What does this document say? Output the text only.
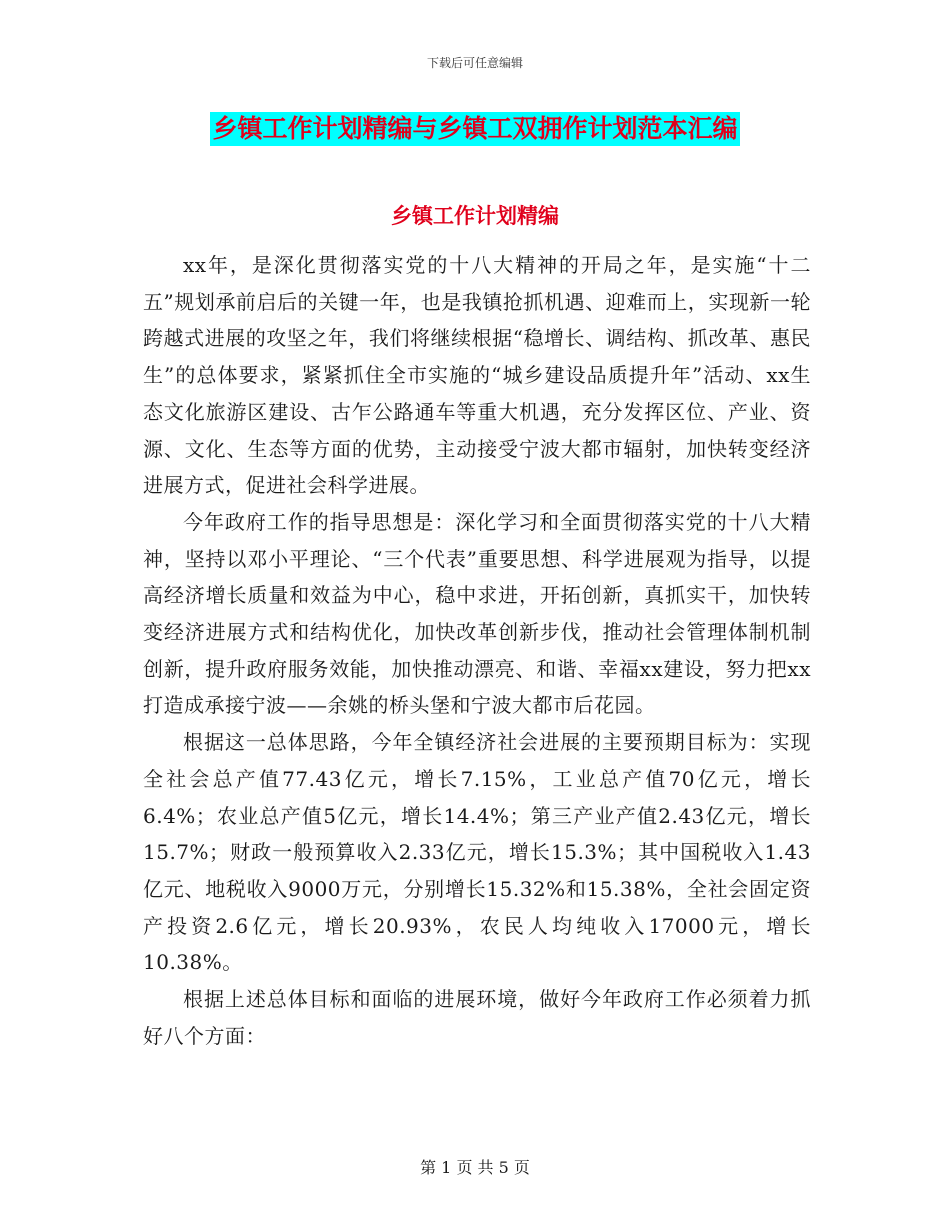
下载后可任意编辑
乡镇工作计划精编与乡镇工双拥作计划范本汇编
乡镇工作计划精编

xx年，是深化贯彻落实党的十八大精神的开局之年，是实施“十二五”规划承前启后的关键一年，也是我镇抢抓机遇、迎难而上，实现新一轮跨越式进展的攻坚之年，我们将继续根据“稳增长、调结构、抓改革、惠民生”的总体要求，紧紧抓住全市实施的“城乡建设品质提升年”活动、xx生态文化旅游区建设、古乍公路通车等重大机遇，充分发挥区位、产业、资源、文化、生态等方面的优势，主动接受宁波大都市辐射，加快转变经济进展方式，促进社会科学进展。

今年政府工作的指导思想是：深化学习和全面贯彻落实党的十八大精神，坚持以邓小平理论、“三个代表”重要思想、科学进展观为指导，以提高经济增长质量和效益为中心，稳中求进，开拓创新，真抓实干，加快转变经济进展方式和结构优化，加快改革创新步伐，推动社会管理体制机制创新，提升政府服务效能，加快推动漂亮、和谐、幸福xx建设，努力把xx打造成承接宁波——余姚的桥头堡和宁波大都市后花园。

根据这一总体思路，今年全镇经济社会进展的主要预期目标为：实现全社会总产值77.43亿元，增长7.15%，工业总产值70亿元，增长6.4%；农业总产值5亿元，增长14.4%；第三产业产值2.43亿元，增长15.7%；财政一般预算收入2.33亿元，增长15.3%；其中国税收入1.43亿元、地税收入9000万元，分别增长15.32%和15.38%，全社会固定资产投资2.6亿元，增长20.93%，农民人均纯收入17000元，增长10.38%。

根据上述总体目标和面临的进展环境，做好今年政府工作必须着力抓好八个方面：

第 1 页 共 5 页
